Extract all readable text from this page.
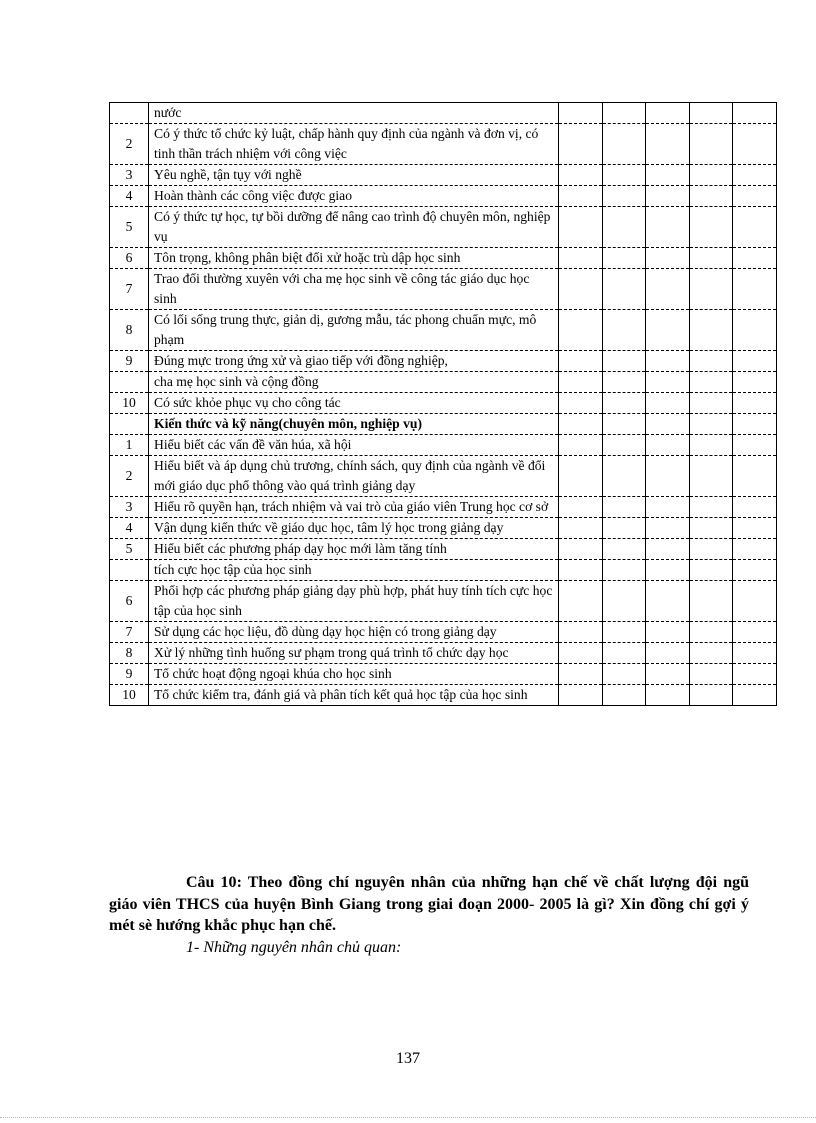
	nước					
2	Có ý thức tổ chức kỷ luật, chấp hành quy định của ngành và đơn vị, có tinh thần trách nhiệm với công việc					
3	Yêu nghề, tận tụy với nghề					
4	Hoàn thành các công việc được giao					
5	Có ý thức tự học, tự bồi dưỡng để nâng cao trình độ chuyên môn, nghiệp vụ					
6	Tôn trọng, không phân biệt đối xử hoặc trù dập học sinh					
7	Trao đổi thường xuyên với cha mẹ học sinh về công tác giáo dục học sinh					
8	Có lối sống trung thực, giản dị, gương mẫu, tác phong chuẩn mực, mô phạm					
9	Đúng mực trong ứng xử và giao tiếp với đồng nghiệp,					
	cha mẹ học sinh và cộng đồng					
10	Có sức khỏe phục vụ cho công tác					
	Kiến thức và kỹ năng(chuyên môn, nghiệp vụ)					
1	Hiểu biết các vấn đề văn húa, xã hội					
2	Hiểu biết và áp dụng chủ trương, chính sách, quy định của ngành về đổi mới giáo dục phổ thông vào quá trình giảng dạy					
3	Hiểu rõ quyền hạn, trách nhiệm và vai trò của giáo viên Trung học cơ sở					
4	Vận dụng kiến thức về giáo dục học, tâm lý học trong giảng dạy					
5	Hiểu biết các phương pháp dạy học mới làm tăng tính					
	tích cực học tập của học sinh					
6	Phối hợp các phương pháp giảng dạy phù hợp, phát huy tính tích cực học tập của học sinh					
7	Sử dụng các học liệu, đồ dùng dạy học hiện có trong giảng dạy					
8	Xử lý những tình huống sư phạm trong quá trình tổ chức dạy học					
9	Tổ chức hoạt động ngoại khúa cho học sinh					
10	Tổ chức kiểm tra, đánh giá và phân tích kết quả học tập của học sinh					

Câu 10: Theo đồng chí nguyên nhân của những hạn chế về chất lượng đội ngũ giáo viên THCS của huyện Bình Giang trong giai đoạn 2000- 2005 là gì? Xin đồng chí gợi ý mét sè hướng khắc phục hạn chế.

1- Những nguyên nhân chủ quan:

137
